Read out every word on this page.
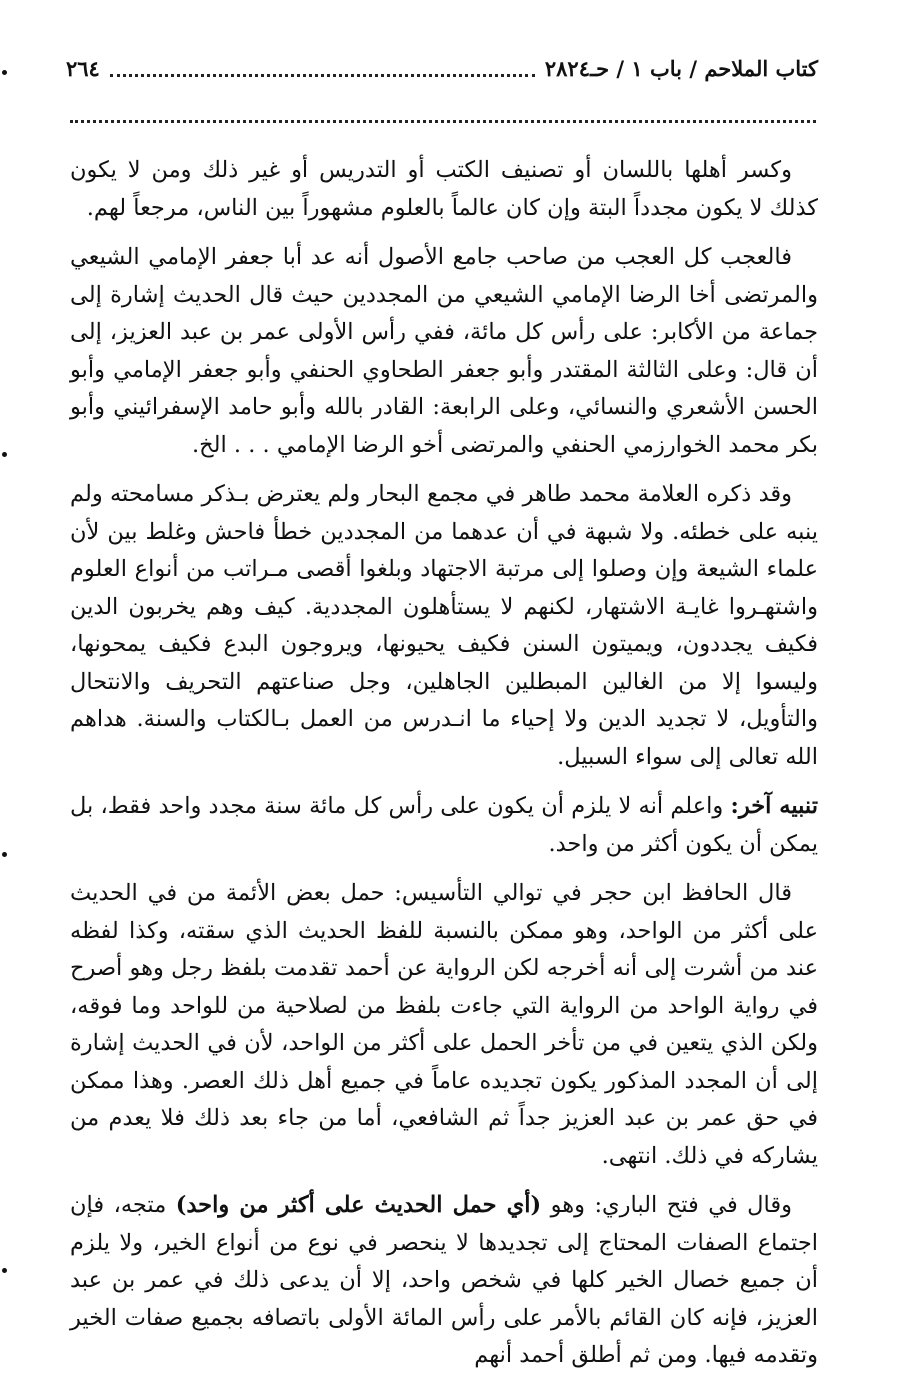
كتاب الملاحم / باب ١ / حـ٢٨٢٤
٢٦٤

وكسر أهلها باللسان أو تصنيف الكتب أو التدريس أو غير ذلك ومن لا يكون كذلك لا يكون مجدداً البتة وإن كان عالماً بالعلوم مشهوراً بين الناس، مرجعاً لهم.

فالعجب كل العجب من صاحب جامع الأصول أنه عد أبا جعفر الإمامي الشيعي والمرتضى أخا الرضا الإمامي الشيعي من المجددين حيث قال الحديث إشارة إلى جماعة من الأكابر: على رأس كل مائة، ففي رأس الأولى عمر بن عبد العزيز، إلى أن قال: وعلى الثالثة المقتدر وأبو جعفر الطحاوي الحنفي وأبو جعفر الإمامي وأبو الحسن الأشعري والنسائي، وعلى الرابعة: القادر بالله وأبو حامد الإسفرائيني وأبو بكر محمد الخوارزمي الحنفي والمرتضى أخو الرضا الإمامي . . . الخ.

وقد ذكره العلامة محمد طاهر في مجمع البحار ولم يعترض بـذكر مسامحته ولم ينبه على خطئه. ولا شبهة في أن عدهما من المجددين خطأ فاحش وغلط بين لأن علماء الشيعة وإن وصلوا إلى مرتبة الاجتهاد وبلغوا أقصى مـراتب من أنواع العلوم واشتهـروا غايـة الاشتهار، لكنهم لا يستأهلون المجددية. كيف وهم يخربون الدين فكيف يجددون، ويميتون السنن فكيف يحيونها، ويروجون البدع فكيف يمحونها، وليسوا إلا من الغالين المبطلين الجاهلين، وجل صناعتهم التحريف والانتحال والتأويل، لا تجديد الدين ولا إحياء ما انـدرس من العمل بـالكتاب والسنة. هداهم الله تعالى إلى سواء السبيل.

تنبيه آخر: واعلم أنه لا يلزم أن يكون على رأس كل مائة سنة مجدد واحد فقط، بل يمكن أن يكون أكثر من واحد.

قال الحافظ ابن حجر في توالي التأسيس: حمل بعض الأئمة من في الحديث على أكثر من الواحد، وهو ممكن بالنسبة للفظ الحديث الذي سقته، وكذا لفظه عند من أشرت إلى أنه أخرجه لكن الرواية عن أحمد تقدمت بلفظ رجل وهو أصرح في رواية الواحد من الرواية التي جاءت بلفظ من لصلاحية من للواحد وما فوقه، ولكن الذي يتعين في من تأخر الحمل على أكثر من الواحد، لأن في الحديث إشارة إلى أن المجدد المذكور يكون تجديده عاماً في جميع أهل ذلك العصر. وهذا ممكن في حق عمر بن عبد العزيز جداً ثم الشافعي، أما من جاء بعد ذلك فلا يعدم من يشاركه في ذلك. انتهى.

وقال في فتح الباري: وهو (أي حمل الحديث على أكثر من واحد) متجه، فإن اجتماع الصفات المحتاج إلى تجديدها لا ينحصر في نوع من أنواع الخير، ولا يلزم أن جميع خصال الخير كلها في شخص واحد، إلا أن يدعى ذلك في عمر بن عبد العزيز، فإنه كان القائم بالأمر على رأس المائة الأولى باتصافه بجميع صفات الخير وتقدمه فيها. ومن ثم أطلق أحمد أنهم
